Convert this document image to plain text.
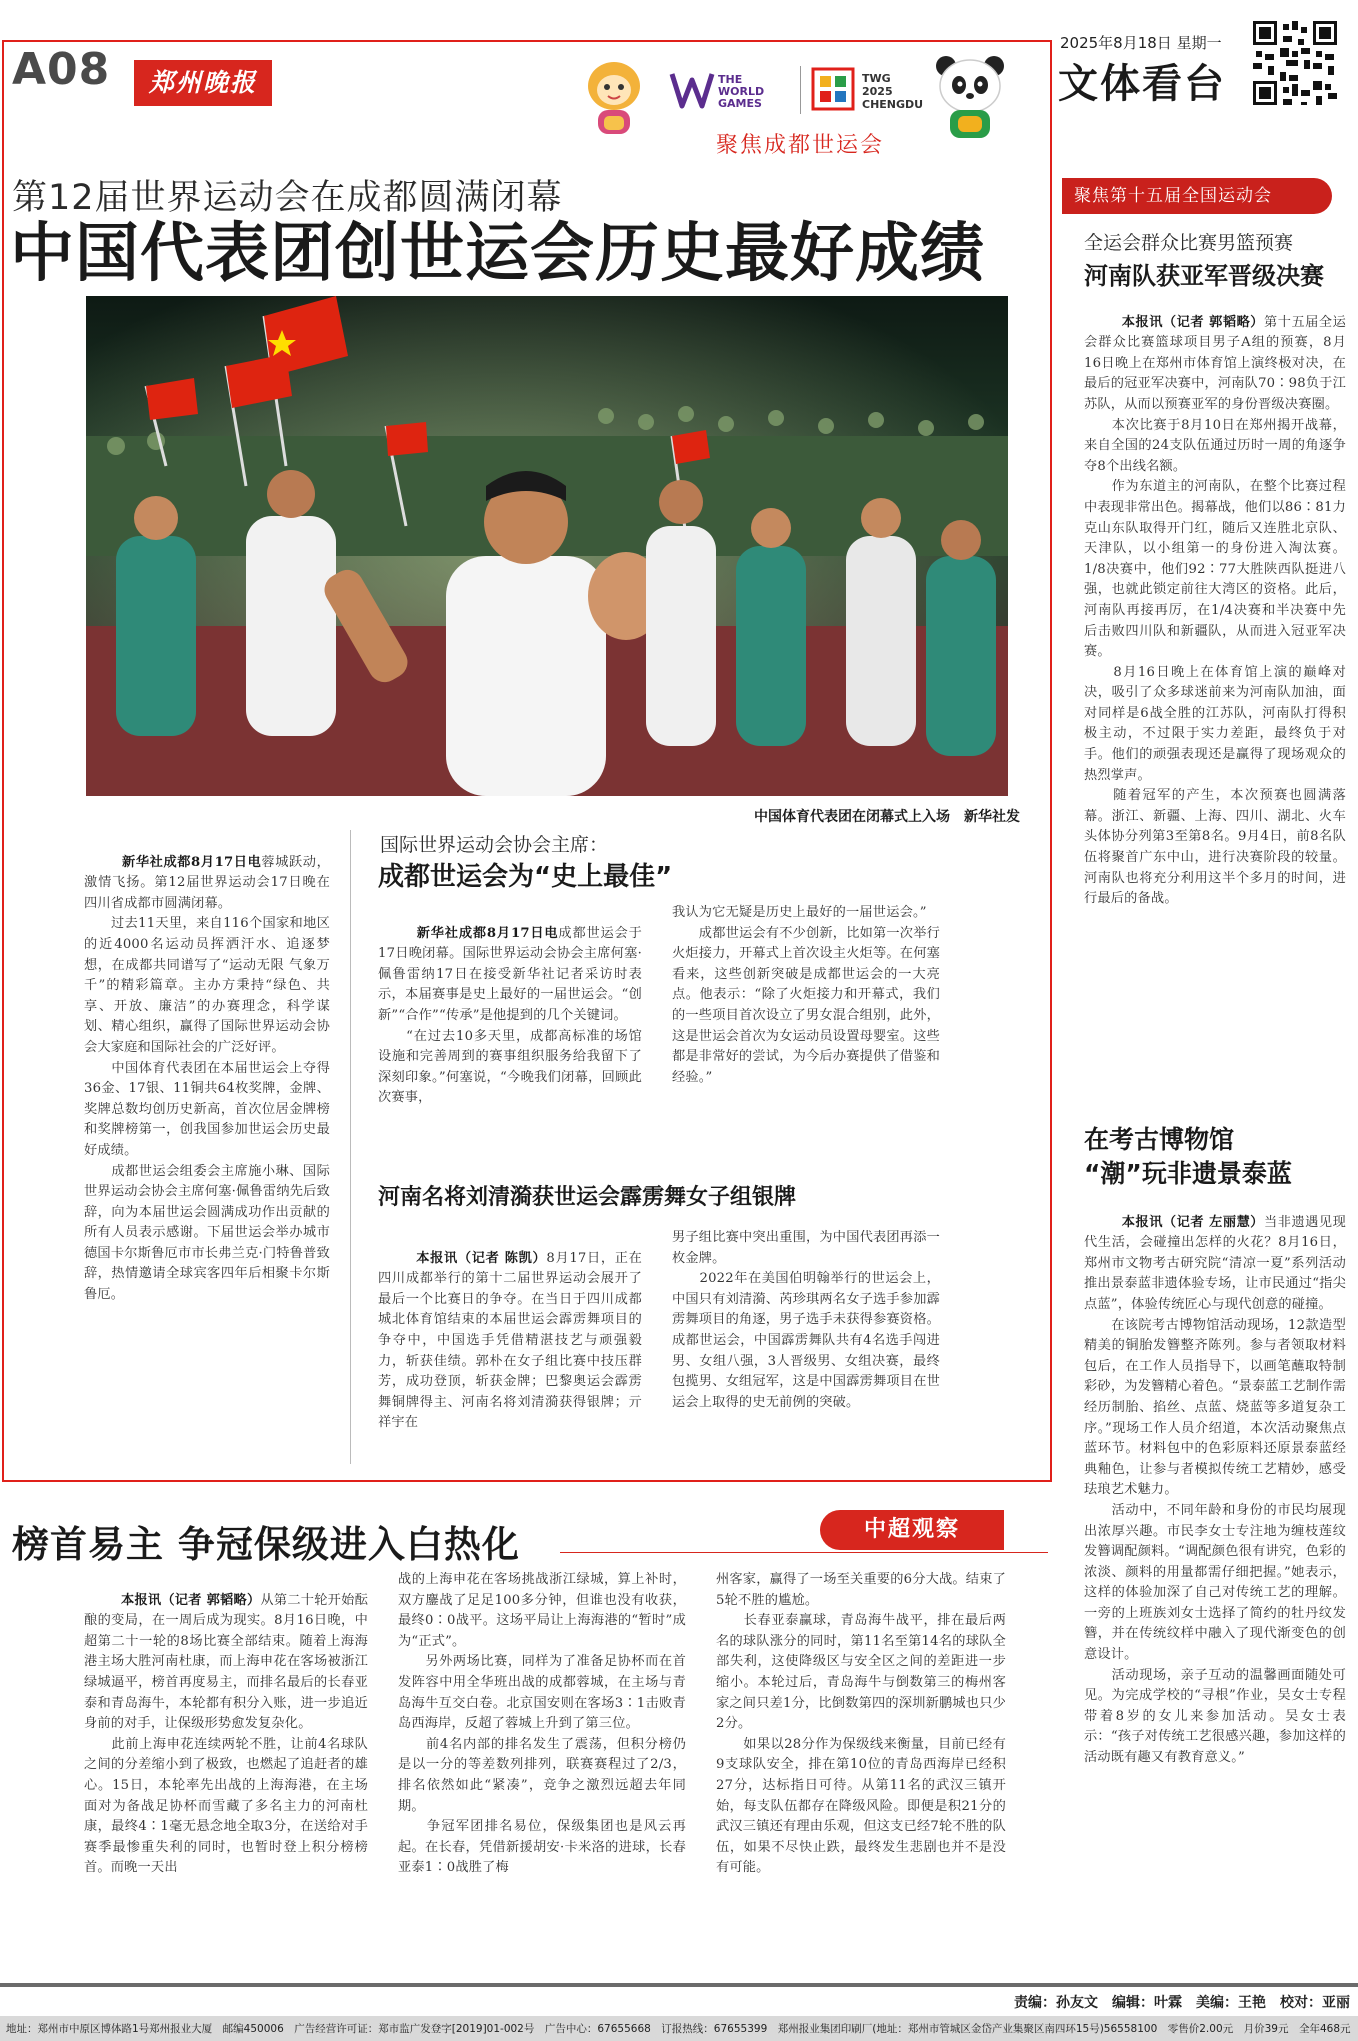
A08	郑州晚报	THE WORLD GAMES
TWG 2025 CHENGDU
聚焦成都世运会
2025年8月18日 星期一
文体看台
第12届世界运动会在成都圆满闭幕
中国代表团创世运会历史最好成绩
中国体育代表团在闭幕式上入场　新华社发

新华社成都8月17日电蓉城跃动，激情飞扬。第12届世界运动会17日晚在四川省成都市圆满闭幕。
　　过去11天里，来自116个国家和地区的近4000名运动员挥洒汗水、追逐梦想，在成都共同谱写了“运动无限 气象万千”的精彩篇章。主办方秉持“绿色、共享、开放、廉洁”的办赛理念，科学谋划、精心组织，赢得了国际世界运动会协会大家庭和国际社会的广泛好评。
　　中国体育代表团在本届世运会上夺得36金、17银、11铜共64枚奖牌，金牌、奖牌总数均创历史新高，首次位居金牌榜和奖牌榜第一，创我国参加世运会历史最好成绩。
　　成都世运会组委会主席施小琳、国际世界运动会协会主席何塞·佩鲁雷纳先后致辞，向为本届世运会圆满成功作出贡献的所有人员表示感谢。下届世运会举办城市德国卡尔斯鲁厄市市长弗兰克·门特鲁普致辞，热情邀请全球宾客四年后相聚卡尔斯鲁厄。

国际世界运动会协会主席：
成都世运会为“史上最佳”

新华社成都8月17日电成都世运会于17日晚闭幕。国际世界运动会协会主席何塞·佩鲁雷纳17日在接受新华社记者采访时表示，本届赛事是史上最好的一届世运会。“创新”“合作”“传承”是他提到的几个关键词。
　　“在过去10多天里，成都高标准的场馆设施和完善周到的赛事组织服务给我留下了深刻印象。”何塞说，“今晚我们闭幕，回顾此次赛事，

我认为它无疑是历史上最好的一届世运会。”
　　成都世运会有不少创新，比如第一次举行火炬接力，开幕式上首次设主火炬等。在何塞看来，这些创新突破是成都世运会的一大亮点。他表示：“除了火炬接力和开幕式，我们的一些项目首次设立了男女混合组别，此外，这是世运会首次为女运动员设置母婴室。这些都是非常好的尝试，为今后办赛提供了借鉴和经验。”
河南名将刘清漪获世运会霹雳舞女子组银牌

本报讯（记者 陈凯）8月17日，正在四川成都举行的第十二届世界运动会展开了最后一个比赛日的争夺。在当日于四川成都城北体育馆结束的本届世运会霹雳舞项目的争夺中，中国选手凭借精湛技艺与顽强毅力，斩获佳绩。郭朴在女子组比赛中技压群芳，成功登顶，斩获金牌；巴黎奥运会霹雳舞铜牌得主、河南名将刘清漪获得银牌；亓祥宇在

男子组比赛中突出重围，为中国代表团再添一枚金牌。
　　2022年在美国伯明翰举行的世运会上，中国只有刘清漪、芮珍琪两名女子选手参加霹雳舞项目的角逐，男子选手未获得参赛资格。成都世运会，中国霹雳舞队共有4名选手闯进男、女组八强，3人晋级男、女组决赛，最终包揽男、女组冠军，这是中国霹雳舞项目在世运会上取得的史无前例的突破。
聚焦第十五届全国运动会
全运会群众比赛男篮预赛
河南队获亚军晋级决赛

本报讯（记者 郭韬略）第十五届全运会群众比赛篮球项目男子A组的预赛，8月16日晚上在郑州市体育馆上演终极对决，在最后的冠亚军决赛中，河南队70∶98负于江苏队，从而以预赛亚军的身份晋级决赛圈。
　　本次比赛于8月10日在郑州揭开战幕，来自全国的24支队伍通过历时一周的角逐争夺8个出线名额。
　　作为东道主的河南队，在整个比赛过程中表现非常出色。揭幕战，他们以86∶81力克山东队取得开门红，随后又连胜北京队、天津队，以小组第一的身份进入淘汰赛。1/8决赛中，他们92∶77大胜陕西队挺进八强，也就此锁定前往大湾区的资格。此后，河南队再接再厉，在1/4决赛和半决赛中先后击败四川队和新疆队，从而进入冠亚军决赛。
　　8月16日晚上在体育馆上演的巅峰对决，吸引了众多球迷前来为河南队加油，面对同样是6战全胜的江苏队，河南队打得积极主动，不过限于实力差距，最终负于对手。他们的顽强表现还是赢得了现场观众的热烈掌声。
　　随着冠军的产生，本次预赛也圆满落幕。浙江、新疆、上海、四川、湖北、火车头体协分列第3至第8名。9月4日，前8名队伍将聚首广东中山，进行决赛阶段的较量。河南队也将充分利用这半个多月的时间，进行最后的备战。

在考古博物馆
“潮”玩非遗景泰蓝

本报讯（记者 左丽慧）当非遗遇见现代生活，会碰撞出怎样的火花？8月16日，郑州市文物考古研究院“清凉一夏”系列活动推出景泰蓝非遗体验专场，让市民通过“指尖点蓝”，体验传统匠心与现代创意的碰撞。
　　在该院考古博物馆活动现场，12款造型精美的铜胎发簪整齐陈列。参与者领取材料包后，在工作人员指导下，以画笔蘸取特制彩砂，为发簪精心着色。“景泰蓝工艺制作需经历制胎、掐丝、点蓝、烧蓝等多道复杂工序。”现场工作人员介绍道，本次活动聚焦点蓝环节。材料包中的色彩原料还原景泰蓝经典釉色，让参与者模拟传统工艺精妙，感受珐琅艺术魅力。
　　活动中，不同年龄和身份的市民均展现出浓厚兴趣。市民李女士专注地为缠枝莲纹发簪调配颜料。“调配颜色很有讲究，色彩的浓淡、颜料的用量都需仔细把握。”她表示，这样的体验加深了自己对传统工艺的理解。一旁的上班族刘女士选择了简约的牡丹纹发簪，并在传统纹样中融入了现代渐变色的创意设计。
　　活动现场，亲子互动的温馨画面随处可见。为完成学校的“寻根”作业，吴女士专程带着8岁的女儿来参加活动。吴女士表示：“孩子对传统工艺很感兴趣，参加这样的活动既有趣又有教育意义。”

榜首易主 争冠保级进入白热化	中超观察

本报讯（记者 郭韬略）从第二十轮开始酝酿的变局，在一周后成为现实。8月16日晚，中超第二十一轮的8场比赛全部结束。随着上海海港主场大胜河南杜康，而上海申花在客场被浙江绿城逼平，榜首再度易主，而排名最后的长春亚泰和青岛海牛，本轮都有积分入账，进一步追近身前的对手，让保级形势愈发复杂化。
　　此前上海申花连续两轮不胜，让前4名球队之间的分差缩小到了极致，也燃起了追赶者的雄心。15日，本轮率先出战的上海海港，在主场面对为备战足协杯而雪藏了多名主力的河南杜康，最终4∶1毫无悬念地全取3分，在送给对手赛季最惨重失利的同时，也暂时登上积分榜榜首。而晚一天出

战的上海申花在客场挑战浙江绿城，算上补时，双方鏖战了足足100多分钟，但谁也没有收获，最终0∶0战平。这场平局让上海海港的“暂时”成为“正式”。
　　另外两场比赛，同样为了准备足协杯而在首发阵容中用全华班出战的成都蓉城，在主场与青岛海牛互交白卷。北京国安则在客场3∶1击败青岛西海岸，反超了蓉城上升到了第三位。
　　前4名内部的排名发生了震荡，但积分榜仍是以一分的等差数列排列，联赛赛程过了2/3，排名依然如此“紧凑”，竞争之激烈远超去年同期。
　　争冠军团排名易位，保级集团也是风云再起。在长春，凭借新援胡安·卡米洛的进球，长春亚泰1∶0战胜了梅
州客家，赢得了一场至关重要的6分大战。结束了5轮不胜的尴尬。
　　长春亚泰赢球，青岛海牛战平，排在最后两名的球队涨分的同时，第11名至第14名的球队全部失利，这使降级区与安全区之间的差距进一步缩小。本轮过后，青岛海牛与倒数第三的梅州客家之间只差1分，比倒数第四的深圳新鹏城也只少2分。
　　如果以28分作为保级线来衡量，目前已经有9支球队安全，排在第10位的青岛西海岸已经积27分，达标指日可待。从第11名的武汉三镇开始，每支队伍都存在降级风险。即便是积21分的武汉三镇还有理由乐观，但这支已经7轮不胜的队伍，如果不尽快止跌，最终发生悲剧也并不是没有可能。
责编：孙友文　编辑：叶霖　美编：王艳　校对：亚丽
地址：郑州市中原区博体路1号郑州报业大厦　邮编450006　广告经营许可证：郑市监广发登字[2019]01-002号　广告中心：67655668　订报热线：67655399　郑州报业集团印刷厂(地址：郑州市管城区金岱产业集聚区南四环15号)56558100　零售价2.00元　月价39元　全年468元
